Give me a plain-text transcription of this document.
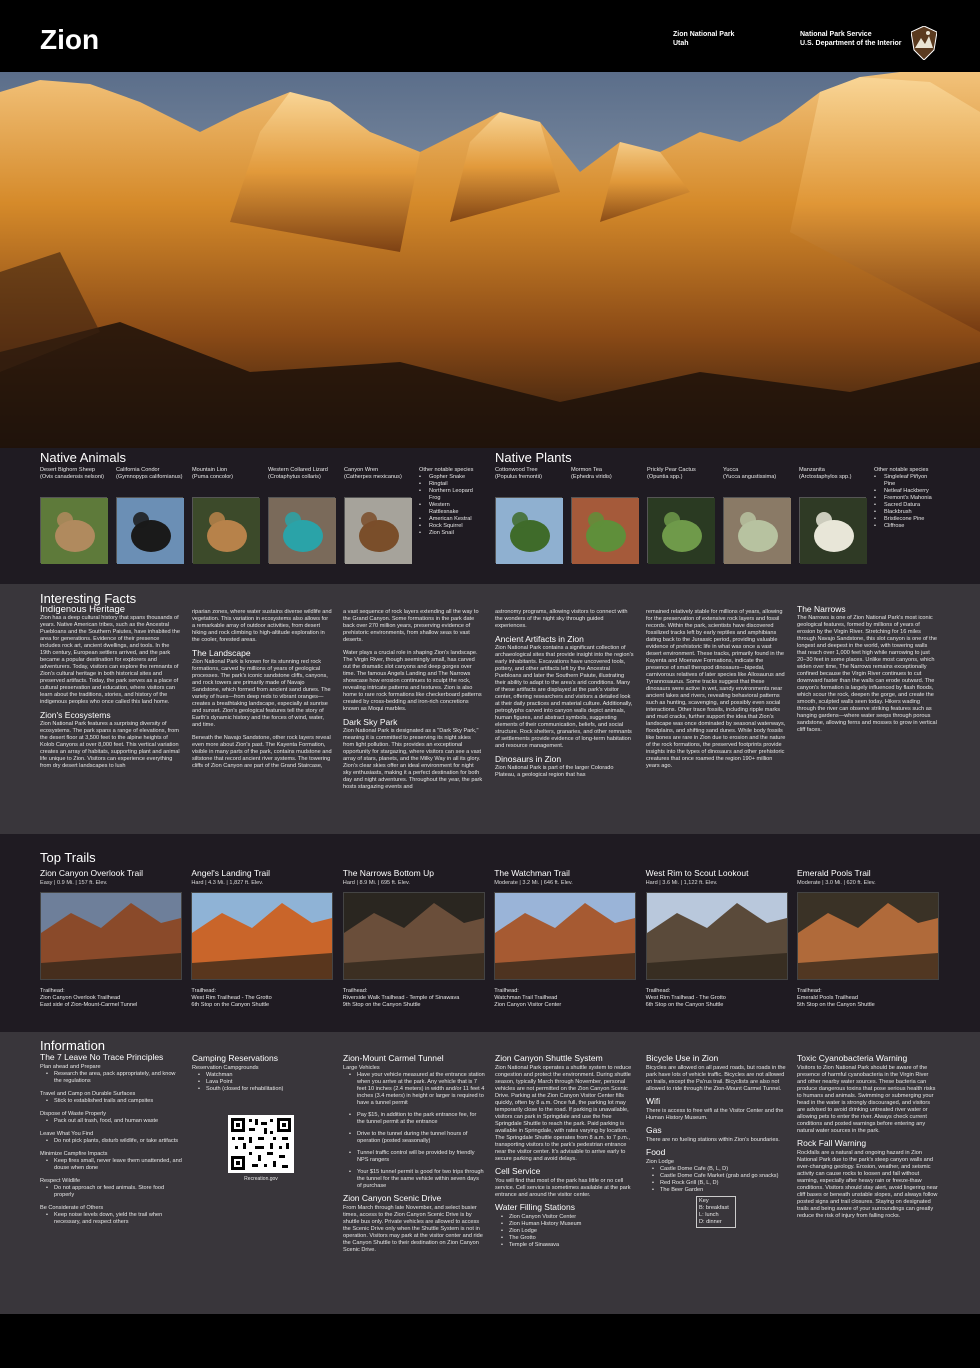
Zion	Zion National Park
Utah
National Park Service
U.S. Department of the Interior
Native Animals	Native Plants
Desert Bighorn Sheep
(Ovis canadensis nelsoni)
California Condor
(Gymnopyps californianus)
Mountain Lion
(Puma concolor)
Western Collared Lizard
(Crotaphytus collaris)
Canyon Wren
(Catherpes mexicanus)
Other notable species
• Gopher Snake
• Ringtail
• Northern Leopard Frog
• Western Rattlesnake
• American Kestral
• Rock Squirrel
• Zion Snail
Cottonwood Tree
(Populus fremontii)
Mormon Tea
(Ephedra viridis)
Prickly Pear Cactus
(Opuntia spp.)
Yucca
(Yucca angustissima)
Manzanita
(Arctostaphylos spp.)
Other notable species
• Singleleaf Piñyon Pine
• Netleaf Hackberry
• Fremont's Mahonia
• Sacred Datura
• Blackbrush
• Bristlecone Pine
• Cliffrose
Interesting Facts
Indigenous Heritage

Zion has a deep cultural history that spans thousands of years. Native American tribes, such as the Ancestral Puebloans and the Southern Paiutes, have inhabited the area for generations. Evidence of their presence includes rock art, ancient dwellings, and tools. In the 19th century, European settlers arrived, and the park became a popular destination for explorers and adventurers. Today, visitors can explore the remnants of Zion's cultural heritage in both historical sites and preserved artifacts. Today, the park serves as a place of cultural preservation and education, where visitors can learn about the traditions, stories, and history of the indigenous peoples who once called this land home.

Zion's Ecosystems

Zion National Park features a surprising diversity of ecosystems. The park spans a range of elevations, from the desert floor at 3,500 feet to the alpine heights of Kolob Canyons at over 8,000 feet. This vertical variation creates an array of habitats, supporting plant and animal life unique to Zion. Visitors can experience everything from dry desert landscapes to lush

riparian zones, where water sustains diverse wildlife and vegetation. This variation in ecosystems also allows for a remarkable array of outdoor activities, from desert hiking and rock climbing to high-altitude exploration in the cooler, forested areas.

The Landscape

Zion National Park is known for its stunning red rock formations, carved by millions of years of geological processes. The park's iconic sandstone cliffs, canyons, and rock towers are primarily made of Navajo Sandstone, which formed from ancient sand dunes. The variety of hues—from deep reds to vibrant oranges—creates a breathtaking landscape, especially at sunrise and sunset. Zion's geological features tell the story of Earth's dynamic history and the forces of wind, water, and time.

Beneath the Navajo Sandstone, other rock layers reveal even more about Zion's past. The Kayenta Formation, visible in many parts of the park, contains mudstone and siltstone that record ancient river systems. The towering cliffs of Zion Canyon are part of the Grand Staircase,

a vast sequence of rock layers extending all the way to the Grand Canyon. Some formations in the park date back over 270 million years, preserving evidence of prehistoric environments, from shallow seas to vast deserts.

Water plays a crucial role in shaping Zion's landscape. The Virgin River, though seemingly small, has carved out the dramatic slot canyons and deep gorges over time. The famous Angels Landing and The Narrows showcase how erosion continues to sculpt the rock, revealing intricate patterns and textures. Zion is also home to rare rock formations like checkerboard patterns created by cross-bedding and iron-rich concretions known as Moqui marbles.

Dark Sky Park

Zion National Park is designated as a "Dark Sky Park," meaning it is committed to preserving its night skies from light pollution. This provides an exceptional opportunity for stargazing, where visitors can see a vast array of stars, planets, and the Milky Way in all its glory. Zion's clear skies offer an ideal environment for night sky enthusiasts, making it a perfect destination for both day and night adventures. Throughout the year, the park hosts stargazing events and

astronomy programs, allowing visitors to connect with the wonders of the night sky through guided experiences.

Ancient Artifacts in Zion

Zion National Park contains a significant collection of archaeological sites that provide insight into the region's early inhabitants. Excavations have uncovered tools, pottery, and other artifacts left by the Ancestral Puebloans and later the Southern Paiute, illustrating their ability to adapt to the area's arid conditions. Many of these artifacts are displayed at the park's visitor center, offering researchers and visitors a detailed look at their daily practices and material culture. Additionally, petroglyphs carved into canyon walls depict animals, human figures, and abstract symbols, suggesting elements of their communication, beliefs, and social structure. Rock shelters, granaries, and other remnants of settlements provide evidence of long-term habitation and resource management.

Dinosaurs in Zion

Zion National Park is part of the larger Colorado Plateau, a geological region that has

remained relatively stable for millions of years, allowing for the preservation of extensive rock layers and fossil records. Within the park, scientists have discovered fossilized tracks left by early reptiles and amphibians dating back to the Jurassic period, providing valuable evidence of prehistoric life in what was once a vast desert environment. These tracks, primarily found in the Kayenta and Moenave Formations, indicate the presence of small theropod dinosaurs—bipedal, carnivorous relatives of later species like Allosaurus and Tyrannosaurus. Some tracks suggest that these dinosaurs were active in wet, sandy environments near ancient lakes and rivers, revealing behavioral patterns such as hunting, scavenging, and possibly even social interactions. Other trace fossils, including ripple marks and mud cracks, further support the idea that Zion's landscape was once dominated by seasonal waterways, floodplains, and shifting sand dunes. While body fossils like bones are rare in Zion due to erosion and the nature of the rock formations, the preserved footprints provide insights into the types of dinosaurs and other prehistoric creatures that once roamed the region 190+ million years ago.

The Narrows

The Narrows is one of Zion National Park's most iconic geological features, formed by millions of years of erosion by the Virgin River. Stretching for 16 miles through Navajo Sandstone, this slot canyon is one of the longest and deepest in the world, with towering walls that reach over 1,000 feet high while narrowing to just 20–30 feet in some places. Unlike most canyons, which widen over time, The Narrows remains exceptionally confined because the Virgin River continues to cut downward faster than the walls can erode outward. The canyon's formation is largely influenced by flash floods, which scour the rock, deepen the gorge, and create the smooth, sculpted walls seen today. Hikers wading through the river can observe striking features such as hanging gardens—where water seeps through porous sandstone, allowing ferns and mosses to grow in vertical cliff faces.

Top Trails
Zion Canyon Overlook Trail
Easy | 0.9 Mi. | 157 ft. Elev.
Trailhead:
Zion Canyon Overlook Trailhead
East side of Zion-Mount-Carmel Tunnel
Angel's Landing Trail
Hard | 4.3 Mi. | 1,827 ft. Elev.
Trailhead:
West Rim Trailhead - The Grotto
6th Stop on the Canyon Shuttle
The Narrows Bottom Up
Hard | 8.9 Mi. | 695 ft. Elev.
Trailhead:
Riverside Walk Trailhead - Temple of Sinawava
9th Stop on the Canyon Shuttle
The Watchman Trail
Moderate | 3.2 Mi. | 646 ft. Elev.
Trailhead:
Watchman Trail Trailhead
Zion Canyon Visitor Center
West Rim to Scout Lookout
Hard | 3.6 Mi. | 1,122 ft. Elev.
Trailhead:
West Rim Trailhead - The Grotto
6th Stop on the Canyon Shuttle
Emerald Pools Trail
Moderate | 3.0 Mi. | 620 ft. Elev.
Trailhead:
Emerald Pools Trailhead
5th Stop on the Canyon Shuttle
Information
The 7 Leave No Trace Principles
Plan ahead and Prepare
• Research the area, pack appropriately, and know the regulations
Travel and Camp on Durable Surfaces
• Stick to established trails and campsites
Dispose of Waste Properly
• Pack out all trash, food, and human waste
Leave What You Find
• Do not pick plants, disturb wildlife, or take artifacts
Minimize Campfire Impacts
• Keep fires small, never leave them unattended, and douse when done
Respect Wildlife
• Do not approach or feed animals. Store food properly
Be Considerate of Others
• Keep noise levels down, yield the trail when necessary, and respect others
Camping Reservations
Reservation Campgrounds
• Watchman
• Lava Point
• South (closed for rehabilitation)
Recreation.gov
Zion-Mount Carmel Tunnel
Large Vehicles
• Have your vehicle measured at the entrance station when you arrive at the park. Any vehicle that is 7 feet 10 inches (2.4 meters) in width and/or 11 feet 4 inches (3.4 meters) in height or larger is required to have a tunnel permit
• Pay $15, in addition to the park entrance fee, for the tunnel permit at the entrance
• Drive to the tunnel during the tunnel hours of operation (posted seasonally)
• Tunnel traffic control will be provided by friendly NPS rangers
• Your $15 tunnel permit is good for two trips through the tunnel for the same vehicle within seven days of purchase
Zion Canyon Scenic Drive

From March through late November, and select busier times, access to the Zion Canyon Scenic Drive is by shuttle bus only. Private vehicles are allowed to access the Scenic Drive only when the Shuttle System is not in operation. Visitors may park at the visitor center and ride the Canyon Shuttle to their destination on Zion Canyon Scenic Drive.

Zion Canyon Shuttle System

Zion National Park operates a shuttle system to reduce congestion and protect the environment. During shuttle season, typically March through November, personal vehicles are not permitted on the Zion Canyon Scenic Drive. Parking at the Zion Canyon Visitor Center fills quickly, often by 8 a.m. Once full, the parking lot may temporarily close to the road. If parking is unavailable, visitors can park in Springdale and use the free Springdale Shuttle to reach the park. Paid parking is available in Springdale, with rates varying by location. The Springdale Shuttle operates from 8 a.m. to 7 p.m., transporting visitors to the park's pedestrian entrance near the visitor center. It's advisable to arrive early to secure parking and avoid delays.

Cell Service

You will find that most of the park has little or no cell service. Cell service is sometimes available at the park entrance and around the visitor center.

Water Filling Stations
• Zion Canyon Visitor Center
• Zion Human History Museum
• Zion Lodge
• The Grotto
• Temple of Sinawava
Bicycle Use in Zion

Bicycles are allowed on all paved roads, but roads in the park have lots of vehicle traffic. Bicycles are not allowed on trails, except the Pa'rus trail. Bicyclists are also not allowed to ride through the Zion-Mount Carmel Tunnel.

Wifi

There is access to free wifi at the Visitor Center and the Human History Museum.

Gas

There are no fueling stations within Zion's boundaries.

Food
Zion Lodge
• Castle Dome Cafe (B, L, D)
• Castle Dome Cafe Market (grab and go snacks)
• Red Rock Grill (B, L, D)
• The Beer Garden
Key
B: breakfast
L: lunch
D: dinner
Toxic Cyanobacteria Warning

Visitors to Zion National Park should be aware of the presence of harmful cyanobacteria in the Virgin River and other nearby water sources. These bacteria can produce dangerous toxins that pose serious health risks to humans and animals. Swimming or submerging your head in the water is strongly discouraged, and visitors are advised to avoid drinking untreated river water or allowing pets to enter the river. Always check current conditions and posted warnings before entering any natural water sources in the park.

Rock Fall Warning

Rockfalls are a natural and ongoing hazard in Zion National Park due to the park's steep canyon walls and ever-changing geology. Erosion, weather, and seismic activity can cause rocks to loosen and fall without warning, especially after heavy rain or freeze-thaw conditions. Visitors should stay alert, avoid lingering near cliff bases or beneath unstable slopes, and always follow posted signs and trail closures. Staying on designated trails and being aware of your surroundings can greatly reduce the risk of injury from falling rocks.
